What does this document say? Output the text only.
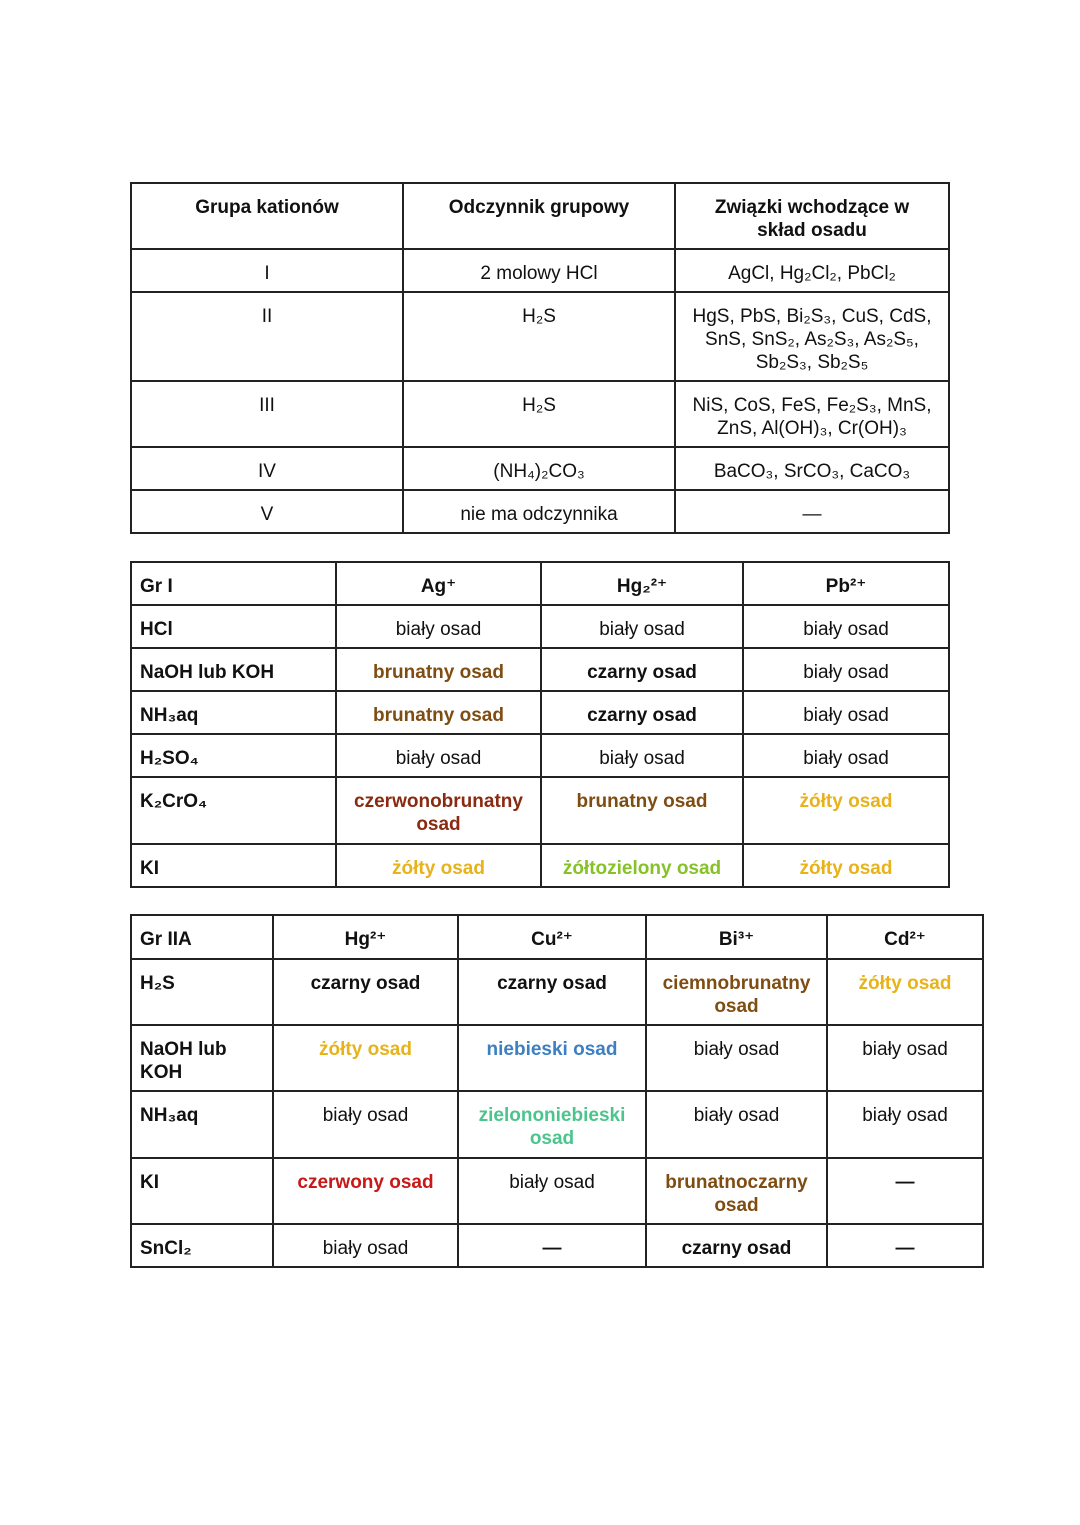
Grupa kationów	Odczynnik grupowy	Związki wchodzące w skład osadu
I	2 molowy HCl	AgCl, Hg₂Cl₂, PbCl₂
II	H₂S	HgS, PbS, Bi₂S₃, CuS, CdS, SnS, SnS₂, As₂S₃, As₂S₅, Sb₂S₃, Sb₂S₅
III	H₂S	NiS, CoS, FeS, Fe₂S₃, MnS, ZnS, Al(OH)₃, Cr(OH)₃
IV	(NH₄)₂CO₃	BaCO₃, SrCO₃, CaCO₃
V	nie ma odczynnika	—
Gr I	Ag⁺	Hg₂²⁺	Pb²⁺
HCl	biały osad	biały osad	biały osad
NaOH lub KOH	brunatny osad	czarny osad	biały osad
NH₃aq	brunatny osad	czarny osad	biały osad
H₂SO₄	biały osad	biały osad	biały osad
K₂CrO₄	czerwonobrunatny osad	brunatny osad	żółty osad
KI	żółty osad	żółtozielony osad	żółty osad
Gr IIA	Hg²⁺	Cu²⁺	Bi³⁺	Cd²⁺
H₂S	czarny osad	czarny osad	ciemnobrunatny osad	żółty osad
NaOH lub KOH	żółty osad	niebieski osad	biały osad	biały osad
NH₃aq	biały osad	zielononiebieski osad	biały osad	biały osad
KI	czerwony osad	biały osad	brunatnoczarny osad	—
SnCl₂	biały osad	—	czarny osad	—
